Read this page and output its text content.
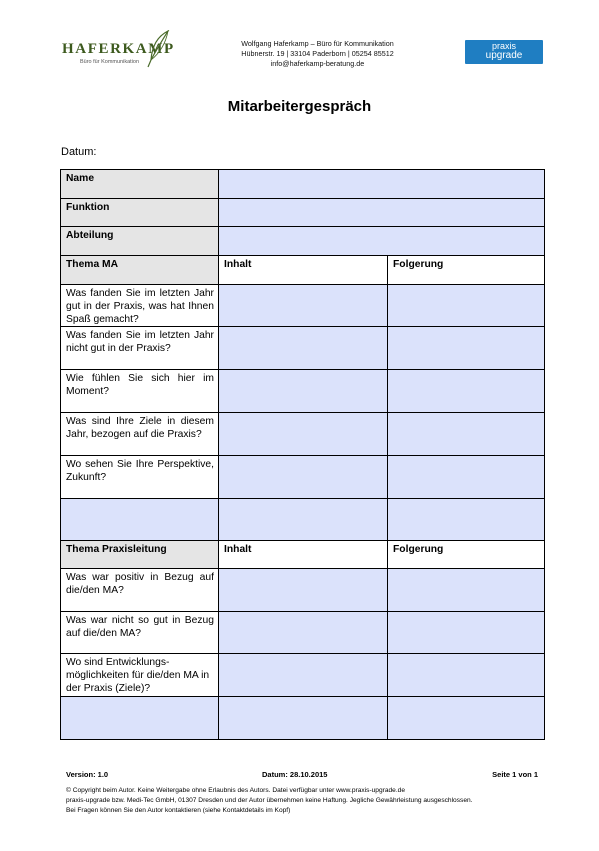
HAFERKAMP
Büro für Kommunikation
Wolfgang Haferkamp – Büro für Kommunikation
Hübnerstr. 19 | 33104 Paderborn | 05254 85512
info@haferkamp-beratung.de
praxis
upgrade
Mitarbeitergespräch
Datum:
Name		
Funktion		
Abteilung		
Thema MA	Inhalt	Folgerung
Was fanden Sie im letzten Jahr gut in der Praxis, was hat Ihnen Spaß gemacht?		
Was fanden Sie im letzten Jahr nicht gut in der Praxis?		
Wie fühlen Sie sich hier im Moment?		
Was sind Ihre Ziele in diesem Jahr, bezogen auf die Praxis?		
Wo sehen Sie Ihre Perspektive, Zukunft?		

Thema Praxisleitung	Inhalt	Folgerung
Was war positiv in Bezug auf die/den MA?		
Was war nicht so gut in Bezug auf die/den MA?		
Wo sind Entwicklungs-möglichkeiten für die/den MA in der Praxis (Ziele)?		

Version: 1.0	Datum: 28.10.2015	Seite 1 von 1
© Copyright beim Autor. Keine Weitergabe ohne Erlaubnis des Autors. Datei verfügbar unter www.praxis-upgrade.de
praxis-upgrade bzw. Medi-Tec GmbH, 01307 Dresden und der Autor übernehmen keine Haftung. Jegliche Gewährleistung ausgeschlossen.
Bei Fragen können Sie den Autor kontaktieren (siehe Kontaktdetails im Kopf)
